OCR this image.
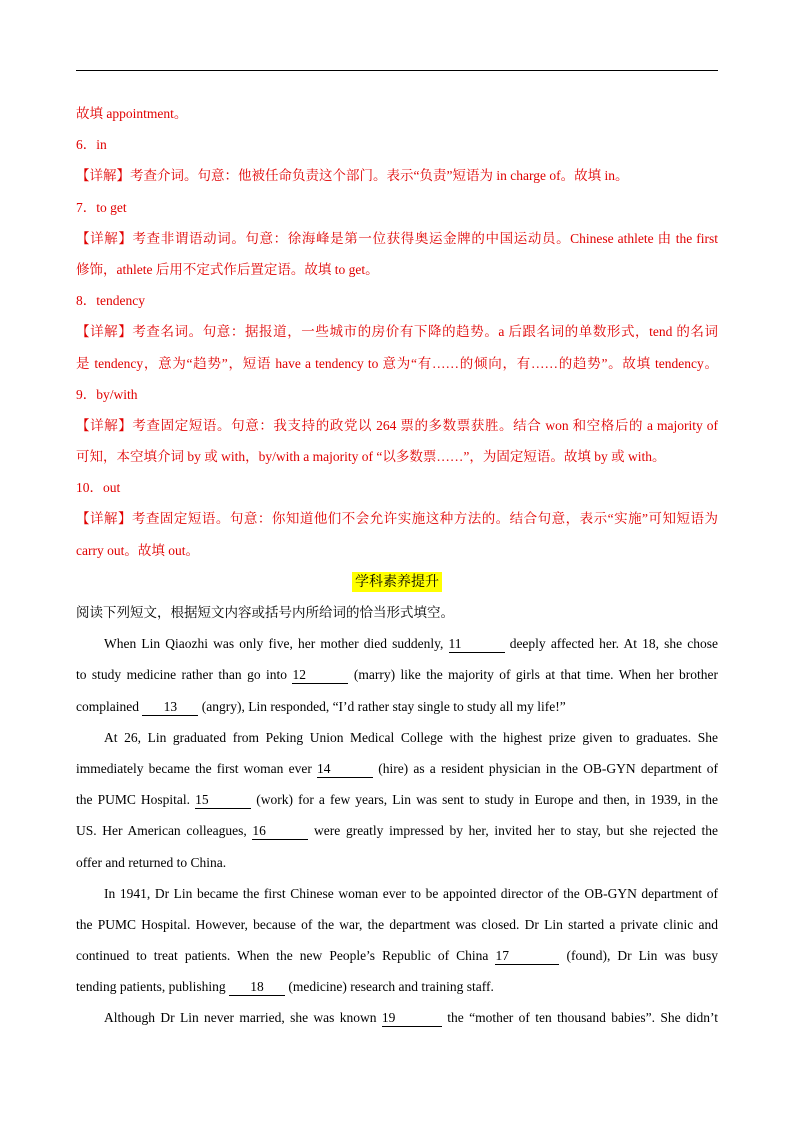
故填 appointment。
6．in
【详解】考查介词。句意：他被任命负责这个部门。表示“负责”短语为 in charge of。故填 in。
7．to get
【详解】考查非谓语动词。句意：徐海峰是第一位获得奥运金牌的中国运动员。Chinese athlete 由 the first
修饰，athlete 后用不定式作后置定语。故填 to get。
8．tendency
【详解】考查名词。句意：据报道，一些城市的房价有下降的趋势。a 后跟名词的单数形式，tend 的名词
是 tendency，意为“趋势”，短语 have a tendency to 意为“有……的倾向，有……的趋势”。故填 tendency。
9．by/with
【详解】考查固定短语。句意：我支持的政党以 264 票的多数票获胜。结合 won 和空格后的 a majority of
可知，本空填介词 by 或 with，by/with a majority of “以多数票……”，为固定短语。故填 by 或 with。
10．out
【详解】考查固定短语。句意：你知道他们不会允许实施这种方法的。结合句意，表示“实施”可知短语为
carry out。故填 out。
学科素养提升
阅读下列短文，根据短文内容或括号内所给词的恰当形式填空。
When Lin Qiaozhi was only five, her mother died suddenly, 11	deeply affected her. At 18, she chose
to study medicine rather than go into 12	(marry) like the majority of girls at that time. When her brother
complained 13 (angry), Lin responded, “I’d rather stay single to study all my life!”
At 26, Lin graduated from Peking Union Medical College with the highest prize given to graduates. She
immediately became the first woman ever 14	(hire) as a resident physician in the OB-GYN department of
the PUMC Hospital. 15	(work) for a few years, Lin was sent to study in Europe and then, in 1939, in the
US. Her American colleagues, 16	were greatly impressed by her, invited her to stay, but she rejected the
offer and returned to China.
In 1941, Dr Lin became the first Chinese woman ever to be appointed director of the OB-GYN department of
the PUMC Hospital. However, because of the war, the department was closed. Dr Lin started a private clinic and
continued to treat patients. When the new People’s Republic of China 17	(found), Dr Lin was busy
tending patients, publishing 18 (medicine) research and training staff.
Although Dr Lin never married, she was known 19	the “mother of ten thousand babies”. She didn’t
